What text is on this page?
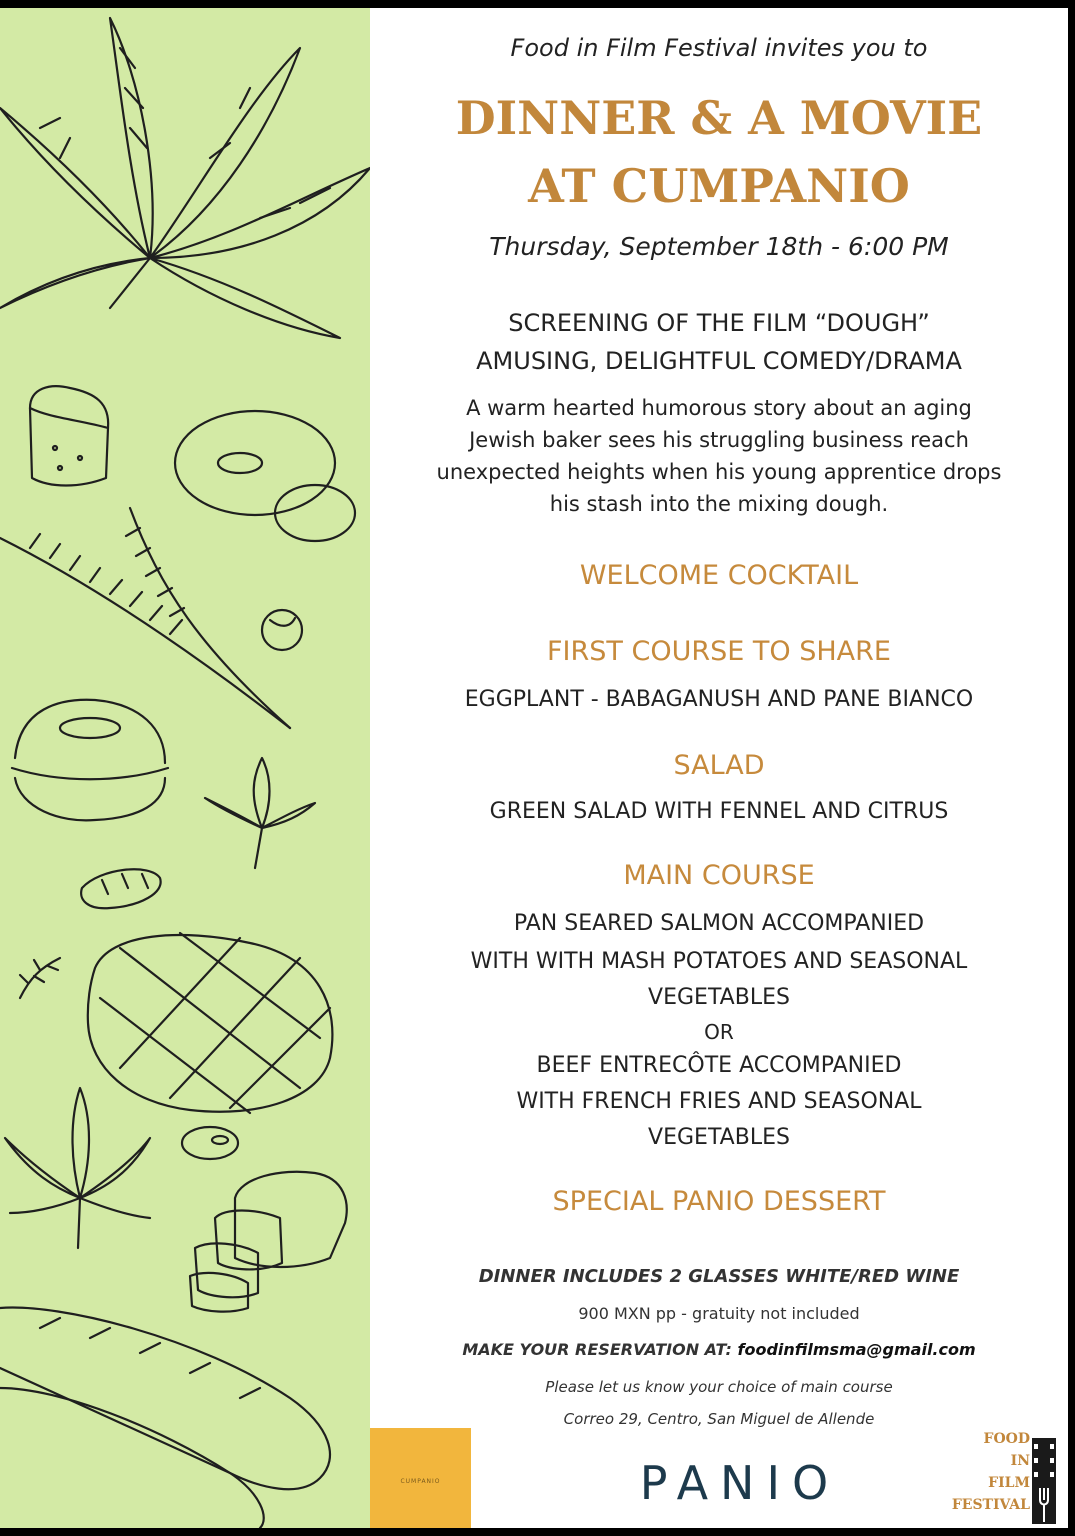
Food in Film Festival invites you to
DINNER & A MOVIE
AT CUMPANIO
Thursday, September 18th - 6:00 PM
SCREENING OF THE FILM “DOUGH”
AMUSING, DELIGHTFUL COMEDY/DRAMA
A warm hearted humorous story about an aging
Jewish baker sees his struggling business reach
unexpected heights when his young apprentice drops
his stash into the mixing dough.
WELCOME COCKTAIL
FIRST COURSE TO SHARE
EGGPLANT - BABAGANUSH AND PANE BIANCO
SALAD
GREEN SALAD WITH FENNEL AND CITRUS
MAIN COURSE
PAN SEARED SALMON ACCOMPANIED
WITH WITH MASH POTATOES AND SEASONAL
VEGETABLES
OR
BEEF ENTRECÔTE ACCOMPANIED
WITH FRENCH FRIES AND SEASONAL
VEGETABLES
SPECIAL PANIO DESSERT
DINNER INCLUDES 2 GLASSES WHITE/RED WINE
900 MXN pp - gratuity not included
MAKE YOUR RESERVATION AT: foodinfilmsma@gmail.com
Please let us know your choice of main course
Correo 29, Centro, San Miguel de Allende
CUMPANIO	PANIO
FOOD
IN
FILM
FESTIVAL
